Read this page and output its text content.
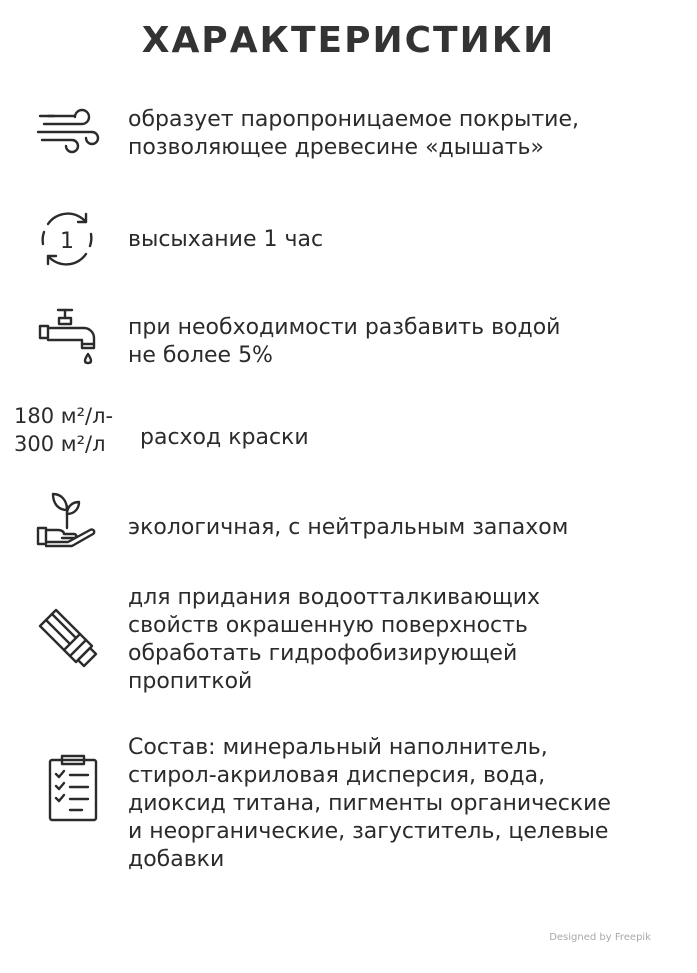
ХАРАКТЕРИСТИКИ
образует паропроницаемое покрытие,
позволяющее древесине «дышать»
1 высыхание 1 час
при необходимости разбавить водой
не более 5%
180 м²/л-
300 м²/л	расход краски
экологичная, с нейтральным запахом
для придания водоотталкивающих
свойств окрашенную поверхность
обработать гидрофобизирующей
пропиткой
Состав: минеральный наполнитель,
стирол-акриловая дисперсия, вода,
диоксид титана, пигменты органические
и неорганические, загуститель, целевые
добавки
Designed by Freepik
